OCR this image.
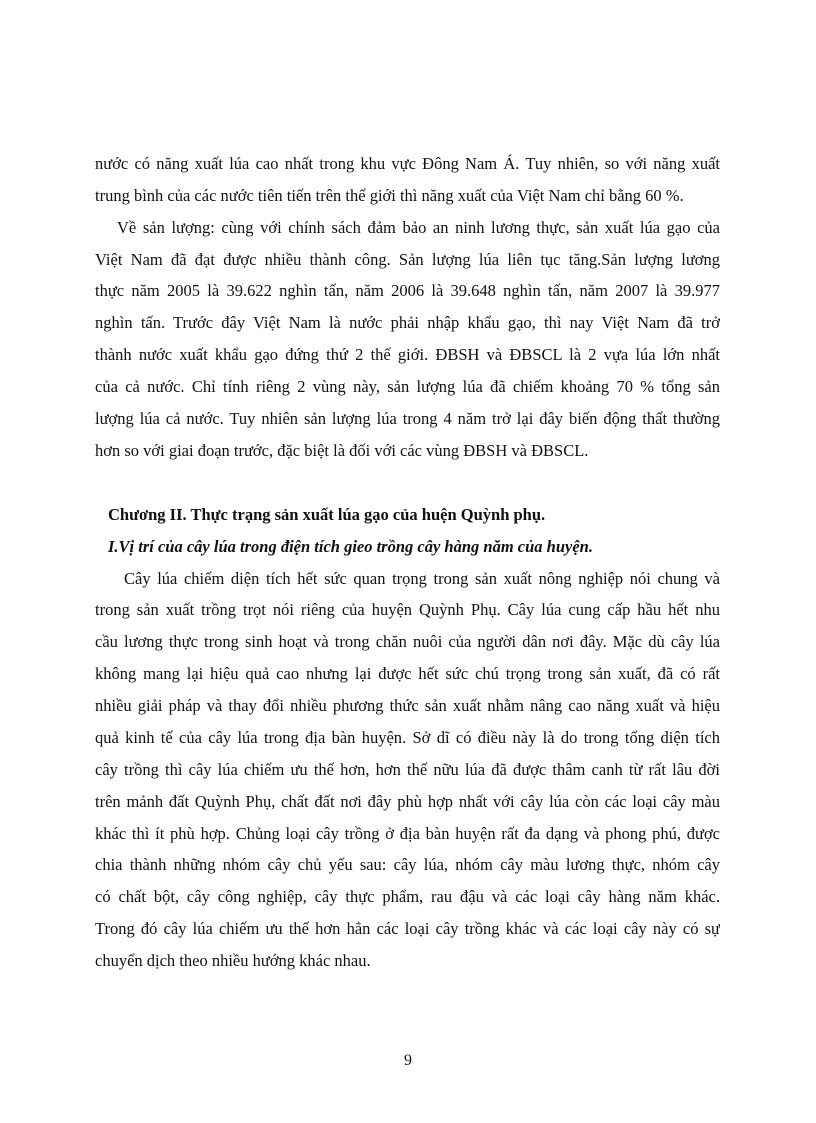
nước có năng xuất lúa cao nhất trong khu vực Đông Nam Á. Tuy nhiên, so với năng xuất
trung bình của các nước tiên tiến trên thế giới thì năng xuất của Việt Nam chỉ bằng 60 %.
Về sản lượng: cùng với chính sách đảm bảo an ninh lương thực, sản xuất lúa gạo của
Việt Nam đã đạt được nhiều thành công. Sản lượng lúa liên tục tăng.Sản lượng lương
thực năm 2005 là 39.622 nghìn tấn, năm 2006 là 39.648 nghìn tấn, năm 2007 là 39.977
nghìn tấn. Trước đây Việt Nam là nước phải nhập khẩu gạo, thì nay Việt Nam đã trở
thành nước xuất khẩu gạo đứng thứ 2 thế giới. ĐBSH và ĐBSCL là 2 vựa lúa lớn nhất
của cả nước. Chỉ tính riêng 2 vùng này, sản lượng lúa đã chiếm khoảng 70 % tổng sản
lượng lúa cả nước. Tuy nhiên sản lượng lúa trong 4 năm trở lại đây biến động thất thường
hơn so với giai đoạn trước, đặc biệt là đối với các vùng ĐBSH và ĐBSCL.
Chương II. Thực trạng sản xuất lúa gạo của huện Quỳnh phụ.
I.Vị trí của cây lúa trong điện tích gieo trồng cây hàng năm của huyện.
Cây lúa chiếm diện tích hết sức quan trọng trong sản xuất nông nghiệp nói chung và
trong sản xuất trồng trọt nói riêng của huyện Quỳnh Phụ. Cây lúa cung cấp hầu hết nhu
cầu lương thực trong sinh hoạt và trong chăn nuôi của người dân nơi đây. Mặc dù cây lúa
không mang lại hiệu quả cao nhưng lại được hết sức chú trọng trong sản xuất, đã có rất
nhiều giải pháp và thay đổi nhiều phương thức sản xuất nhằm nâng cao năng xuất và hiệu
quả kinh tế của cây lúa trong địa bàn huyện. Sở dĩ có điều này là do trong tổng diện tích
cây trồng thì cây lúa chiếm ưu thế hơn, hơn thế nữu lúa đã được thâm canh từ rất lâu đời
trên mảnh đất Quỳnh Phụ, chất đất nơi đây phù hợp nhất với cây lúa còn các loại cây màu
khác thì ít phù hợp. Chủng loại cây trồng ở địa bàn huyện rất đa dạng và phong phú, được
chia thành những nhóm cây chủ yếu sau: cây lúa, nhóm cây màu lương thực, nhóm cây
có chất bột, cây công nghiệp, cây thực phẩm, rau đậu và các loại cây hàng năm khác.
Trong đó cây lúa chiếm ưu thế hơn hẳn các loại cây trồng khác và các loại cây này có sự
chuyển dịch theo nhiều hướng khác nhau.
9
